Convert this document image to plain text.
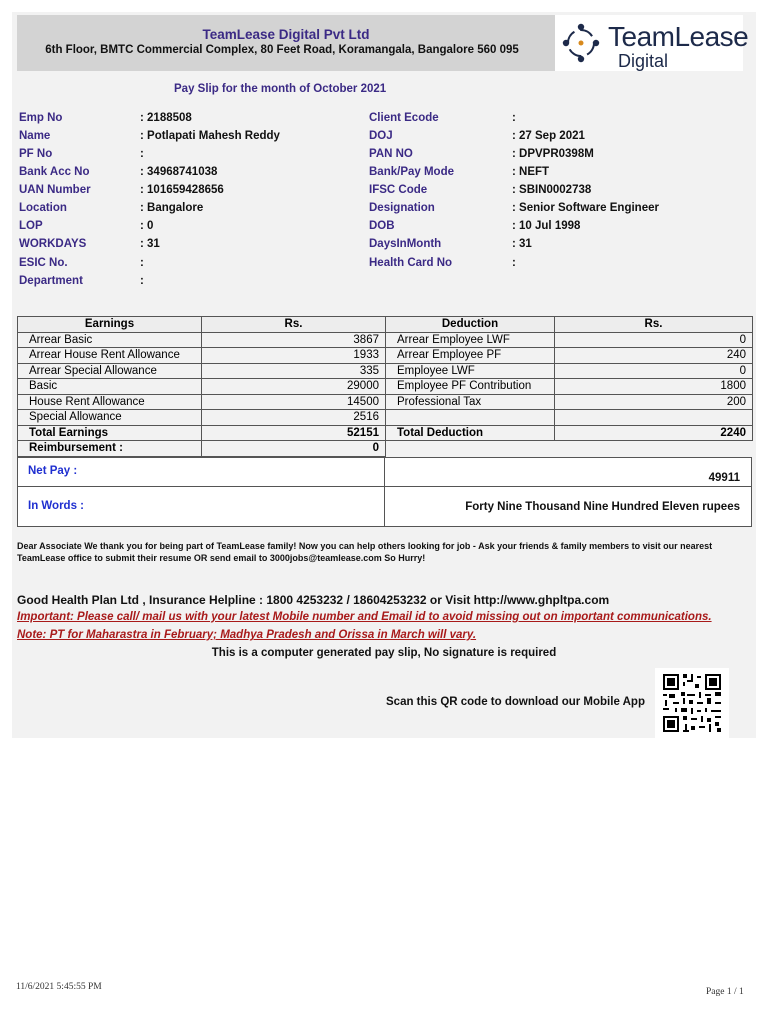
TeamLease Digital Pvt Ltd
6th Floor, BMTC Commercial Complex, 80 Feet Road, Koramangala, Bangalore 560 095	TeamLease
Digital
Pay Slip for the month of October 2021
Emp No	: 2188508
Name	: Potlapati Mahesh Reddy
PF No	:
Bank Acc No	: 34968741038
UAN Number	: 101659428656
Location	: Bangalore
LOP	: 0
WORKDAYS	: 31
ESIC No.	:
Department	:
Client Ecode	:
DOJ	: 27 Sep 2021
PAN NO	: DPVPR0398M
Bank/Pay Mode	: NEFT
IFSC Code	: SBIN0002738
Designation	: Senior Software Engineer
DOB	: 10 Jul 1998
DaysInMonth	: 31
Health Card No	:
Earnings	Rs.	Deduction	Rs.
Arrear Basic	3867	Arrear Employee LWF	0
Arrear House Rent Allowance	1933	Arrear Employee PF	240
Arrear Special Allowance	335	Employee LWF	0
Basic	29000	Employee PF Contribution	1800
House Rent Allowance	14500	Professional Tax	200
Special Allowance	2516		
Total Earnings	52151	Total Deduction	2240
Reimbursement :	0		
Net Pay :
49911
In Words :	Forty Nine Thousand Nine Hundred Eleven rupees
Dear Associate We thank you for being part of TeamLease family! Now you can help others looking for job - Ask your friends & family members to visit our nearest TeamLease office to submit their resume OR send email to 3000jobs@teamlease.com So Hurry!
Good Health Plan Ltd , Insurance Helpline : 1800 4253232 / 18604253232 or Visit http://www.ghpltpa.com
Important: Please call/ mail us with your latest Mobile number and Email id to avoid missing out on important communications.
Note: PT for Maharastra in February; Madhya Pradesh and Orissa in March will vary.
This is a computer generated pay slip, No signature is required
Scan this QR code to download our Mobile App
11/6/2021 5:45:55 PM	Page 1 / 1
